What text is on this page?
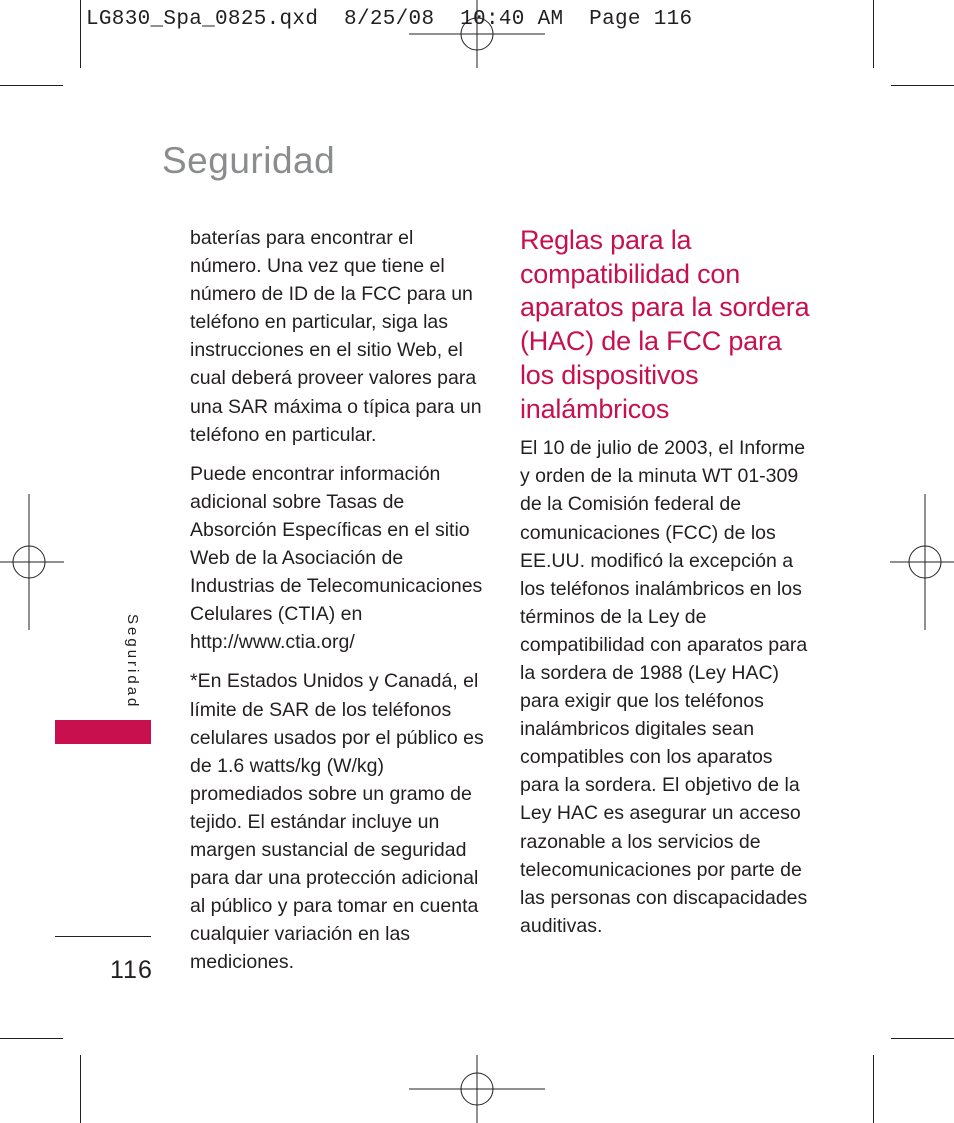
LG830_Spa_0825.qxd  8/25/08  10:40 AM  Page 116
Seguridad

baterías para encontrar el número. Una vez que tiene el número de ID de la FCC para un teléfono en particular, siga las instrucciones en el sitio Web, el cual deberá proveer valores para una SAR máxima o típica para un teléfono en particular.

Puede encontrar información adicional sobre Tasas de Absorción Específicas en el sitio Web de la Asociación de Industrias de Telecomunicaciones Celulares (CTIA) en http://www.ctia.org/

*En Estados Unidos y Canadá, el límite de SAR de los teléfonos celulares usados por el público es de 1.6 watts/kg (W/kg) promediados sobre un gramo de tejido. El estándar incluye un margen sustancial de seguridad para dar una protección adicional al público y para tomar en cuenta cualquier variación en las mediciones.

Reglas para la compatibilidad con aparatos para la sordera (HAC) de la FCC para los dispositivos inalámbricos

El 10 de julio de 2003, el Informe y orden de la minuta WT 01-309 de la Comisión federal de comunicaciones (FCC) de los EE.UU. modificó la excepción a los teléfonos inalámbricos en los términos de la Ley de compatibilidad con aparatos para la sordera de 1988 (Ley HAC) para exigir que los teléfonos inalámbricos digitales sean compatibles con los aparatos para la sordera. El objetivo de la Ley HAC es asegurar un acceso razonable a los servicios de telecomunicaciones por parte de las personas con discapacidades auditivas.

Seguridad
116
